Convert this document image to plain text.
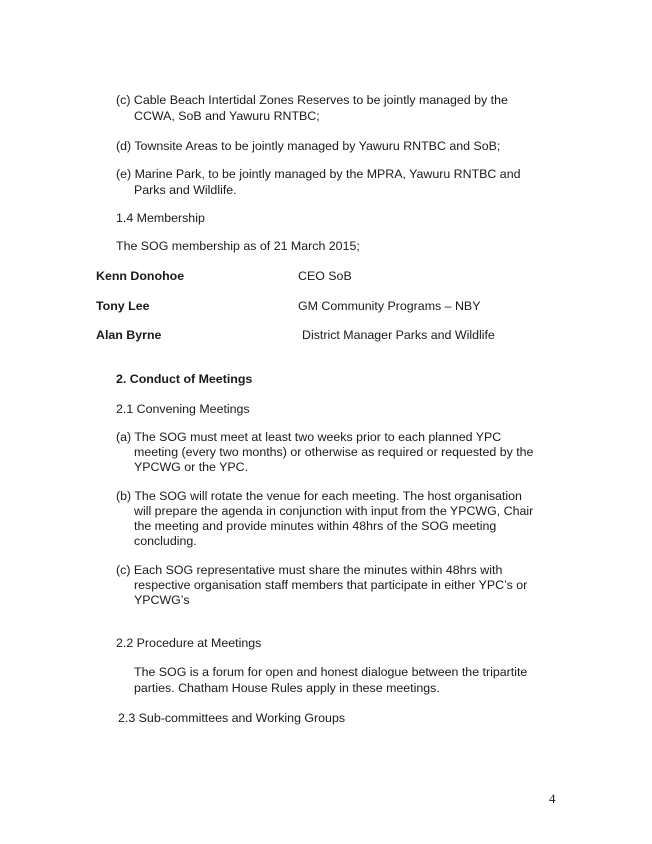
(c) Cable Beach Intertidal Zones Reserves to be jointly managed by the
CCWA, SoB and Yawuru RNTBC;
(d) Townsite Areas to be jointly managed by Yawuru RNTBC and SoB;
(e) Marine Park, to be jointly managed by the MPRA, Yawuru RNTBC and
Parks and Wildlife.
1.4 Membership
The SOG membership as of 21 March 2015;
Kenn Donohoe	CEO SoB
Tony Lee	GM Community Programs – NBY
Alan Byrne	District Manager Parks and Wildlife
2. Conduct of Meetings
2.1 Convening Meetings
(a) The SOG must meet at least two weeks prior to each planned YPC
meeting (every two months) or otherwise as required or requested by the
YPCWG or the YPC.
(b) The SOG will rotate the venue for each meeting. The host organisation
will prepare the agenda in conjunction with input from the YPCWG, Chair
the meeting and provide minutes within 48hrs of the SOG meeting
concluding.
(c) Each SOG representative must share the minutes within 48hrs with
respective organisation staff members that participate in either YPC’s or
YPCWG’s
2.2 Procedure at Meetings
The SOG is a forum for open and honest dialogue between the tripartite
parties. Chatham House Rules apply in these meetings.
2.3 Sub-committees and Working Groups
4
